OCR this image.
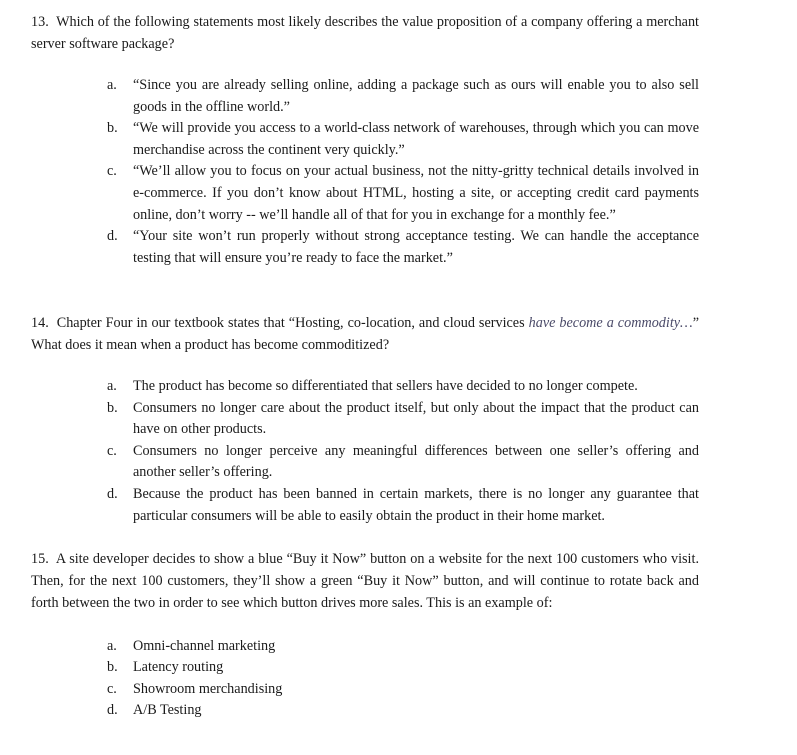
13. Which of the following statements most likely describes the value proposition of a company offering a merchant server software package?

a. “Since you are already selling online, adding a package such as ours will enable you to also sell goods in the offline world.”
b. “We will provide you access to a world-class network of warehouses, through which you can move merchandise across the continent very quickly.”
c. “We’ll allow you to focus on your actual business, not the nitty-gritty technical details involved in e-commerce. If you don’t know about HTML, hosting a site, or accepting credit card payments online, don’t worry -- we’ll handle all of that for you in exchange for a monthly fee.”
d. “Your site won’t run properly without strong acceptance testing. We can handle the acceptance testing that will ensure you’re ready to face the market.”

14. Chapter Four in our textbook states that “Hosting, co-location, and cloud services have become a commodity…” What does it mean when a product has become commoditized?

a. The product has become so differentiated that sellers have decided to no longer compete.
b. Consumers no longer care about the product itself, but only about the impact that the product can have on other products.
c. Consumers no longer perceive any meaningful differences between one seller’s offering and another seller’s offering.
d. Because the product has been banned in certain markets, there is no longer any guarantee that particular consumers will be able to easily obtain the product in their home market.

15. A site developer decides to show a blue “Buy it Now” button on a website for the next 100 customers who visit. Then, for the next 100 customers, they’ll show a green “Buy it Now” button, and will continue to rotate back and forth between the two in order to see which button drives more sales. This is an example of:

a. Omni-channel marketing
b. Latency routing
c. Showroom merchandising
d. A/B Testing
